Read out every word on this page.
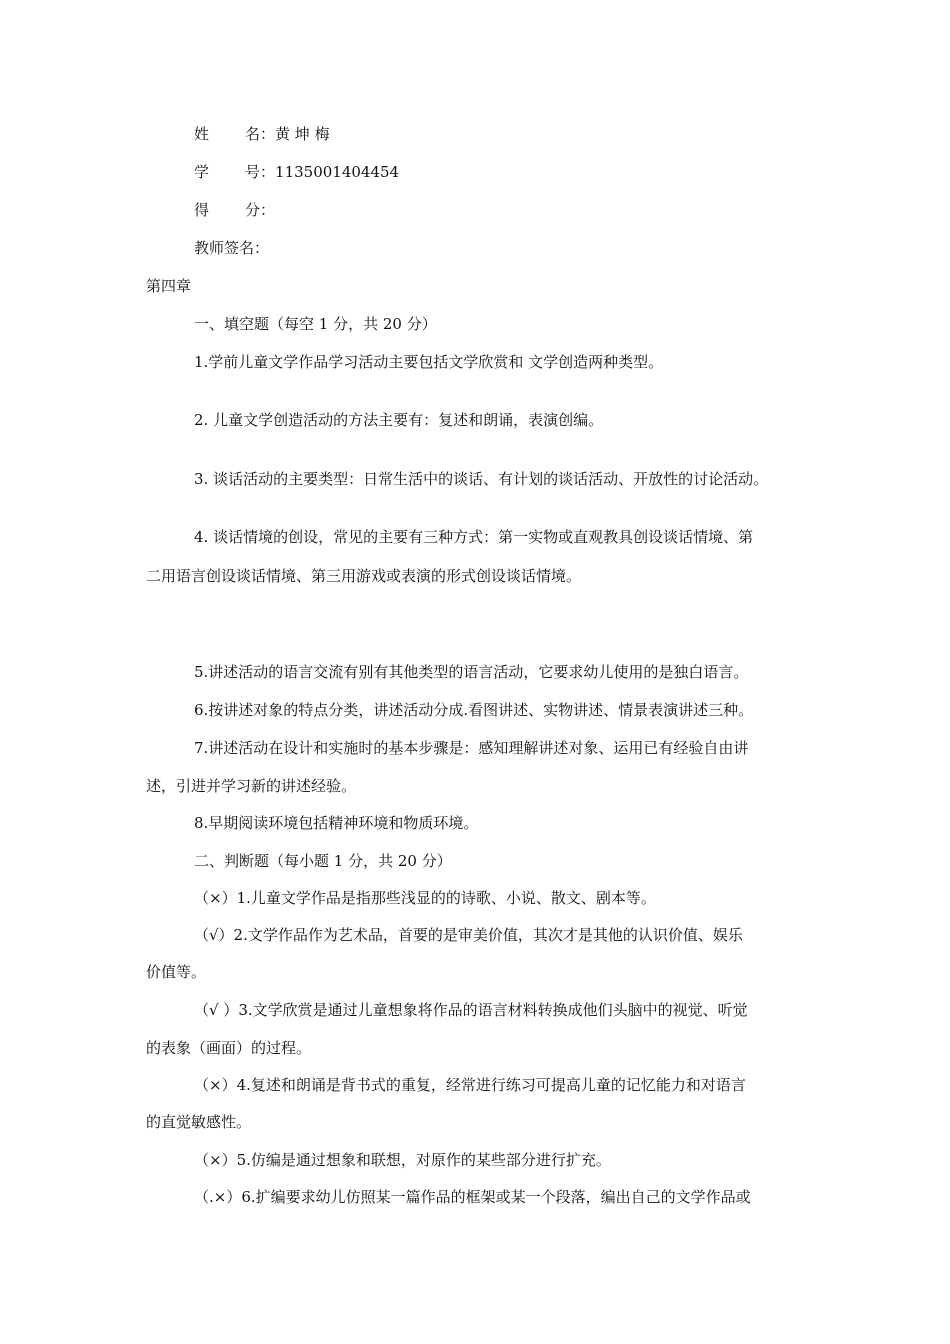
姓 名：黄 坤 梅
学 号：1135001404454
得 分：
教师签名：
第四章
一、填空题（每空 1 分，共 20 分）
1.学前儿童文学作品学习活动主要包括文学欣赏和 文学创造两种类型。
2. 儿童文学创造活动的方法主要有：复述和朗诵，表演创编。
3. 谈话活动的主要类型：日常生活中的谈话、有计划的谈话活动、开放性的讨论活动。
4. 谈话情境的创设，常见的主要有三种方式：第一实物或直观教具创设谈话情境、第
二用语言创设谈话情境、第三用游戏或表演的形式创设谈话情境。
5.讲述活动的语言交流有别有其他类型的语言活动，它要求幼儿使用的是独白语言。
6.按讲述对象的特点分类，讲述活动分成.看图讲述、实物讲述、情景表演讲述三种。
7.讲述活动在设计和实施时的基本步骤是：感知理解讲述对象、运用已有经验自由讲
述，引进并学习新的讲述经验。
8.早期阅读环境包括精神环境和物质环境。
二、判断题（每小题 1 分，共 20 分）
（×）1.儿童文学作品是指那些浅显的的诗歌、小说、散文、剧本等。
（√）2.文学作品作为艺术品，首要的是审美价值，其次才是其他的认识价值、娱乐
价值等。
（√ ）3.文学欣赏是通过儿童想象将作品的语言材料转换成他们头脑中的视觉、听觉
的表象（画面）的过程。
（×）4.复述和朗诵是背书式的重复，经常进行练习可提高儿童的记忆能力和对语言
的直觉敏感性。
（×）5.仿编是通过想象和联想，对原作的某些部分进行扩充。
（.×）6.扩编要求幼儿仿照某一篇作品的框架或某一个段落，编出自己的文学作品或
